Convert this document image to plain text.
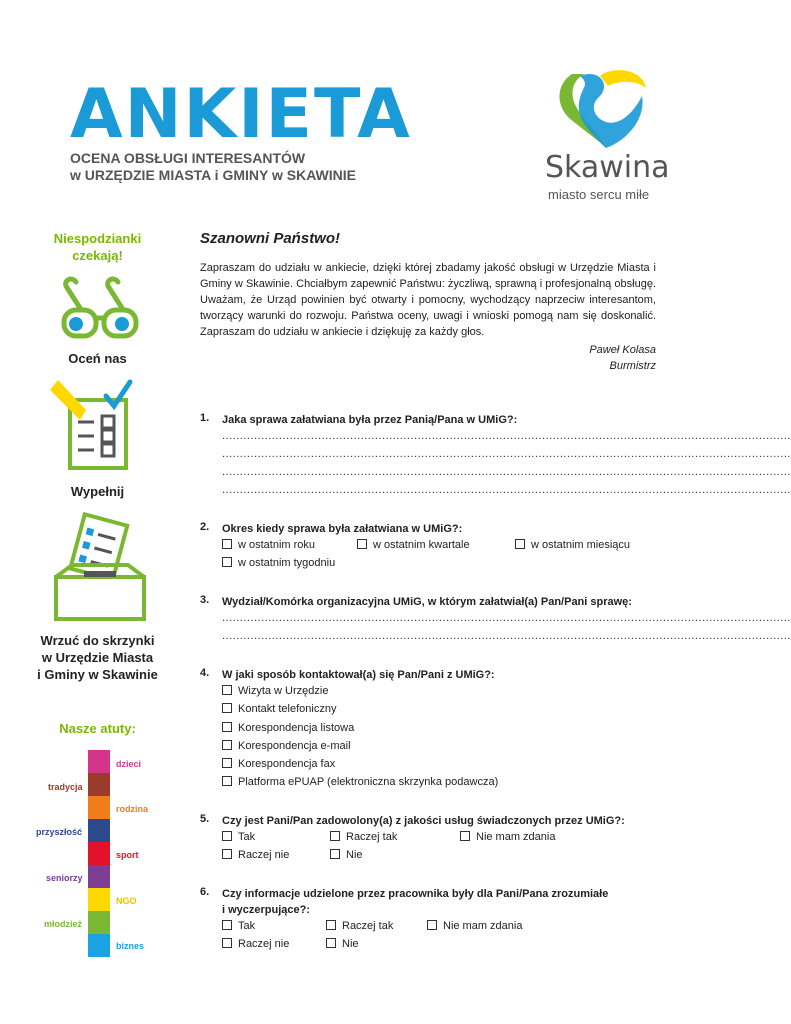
ANKIETA
OCENA OBSŁUGI INTERESANTÓW
w URZĘDZIE MIASTA i GMINY w SKAWINIE	Skawina
miasto sercu miłe
Niespodzianki
czekają!
Oceń nas
Wypełnij
Wrzuć do skrzynki
w Urzędzie Miasta
i Gminy w Skawinie
Nasze atuty:
dzieci
tradycja
rodzina
przyszłość
sport
seniorzy
NGO
młodzież
biznes
Szanowni Państwo!
Zapraszam do udziału w ankiecie, dzięki której zbadamy jakość obsługi w Urzędzie Miasta i Gminy w Skawinie. Chciałbym zapewnić Państwu: życzliwą, sprawną i profesjonalną obsługę. Uważam, że Urząd powinien być otwarty i pomocny, wychodzący naprzeciw interesantom, tworzący warunki do rozwoju. Państwa oceny, uwagi i wnioski pomogą nam się doskonalić. Zapraszam do udziału w ankiecie i dziękuję za każdy głos.
Paweł Kolasa
Burmistrz
1. Jaka sprawa załatwiana była przez Panią/Pana w UMiG?:
................................................................................................................................................................
................................................................................................................................................................
................................................................................................................................................................
................................................................................................................................................................
2. Okres kiedy sprawa była załatwiana w UMiG?:
w ostatnim roku	w ostatnim kwartale	w ostatnim miesiącu
w ostatnim tygodniu
3. Wydział/Komórka organizacyjna UMiG, w którym załatwiał(a) Pan/Pani sprawę:
................................................................................................................................................................
................................................................................................................................................................
4. W jaki sposób kontaktował(a) się Pan/Pani z UMiG?:
Wizyta w Urzędzie
Kontakt telefoniczny
Korespondencja listowa
Korespondencja e-mail
Korespondencja fax
Platforma ePUAP (elektroniczna skrzynka podawcza)
5. Czy jest Pani/Pan zadowolony(a) z jakości usług świadczonych przez UMiG?:
Tak	Raczej tak	Nie mam zdania
Raczej nie	Nie
6. Czy informacje udzielone przez pracownika były dla Pani/Pana zrozumiałe
i wyczerpujące?:
Tak	Raczej tak	Nie mam zdania
Raczej nie	Nie
